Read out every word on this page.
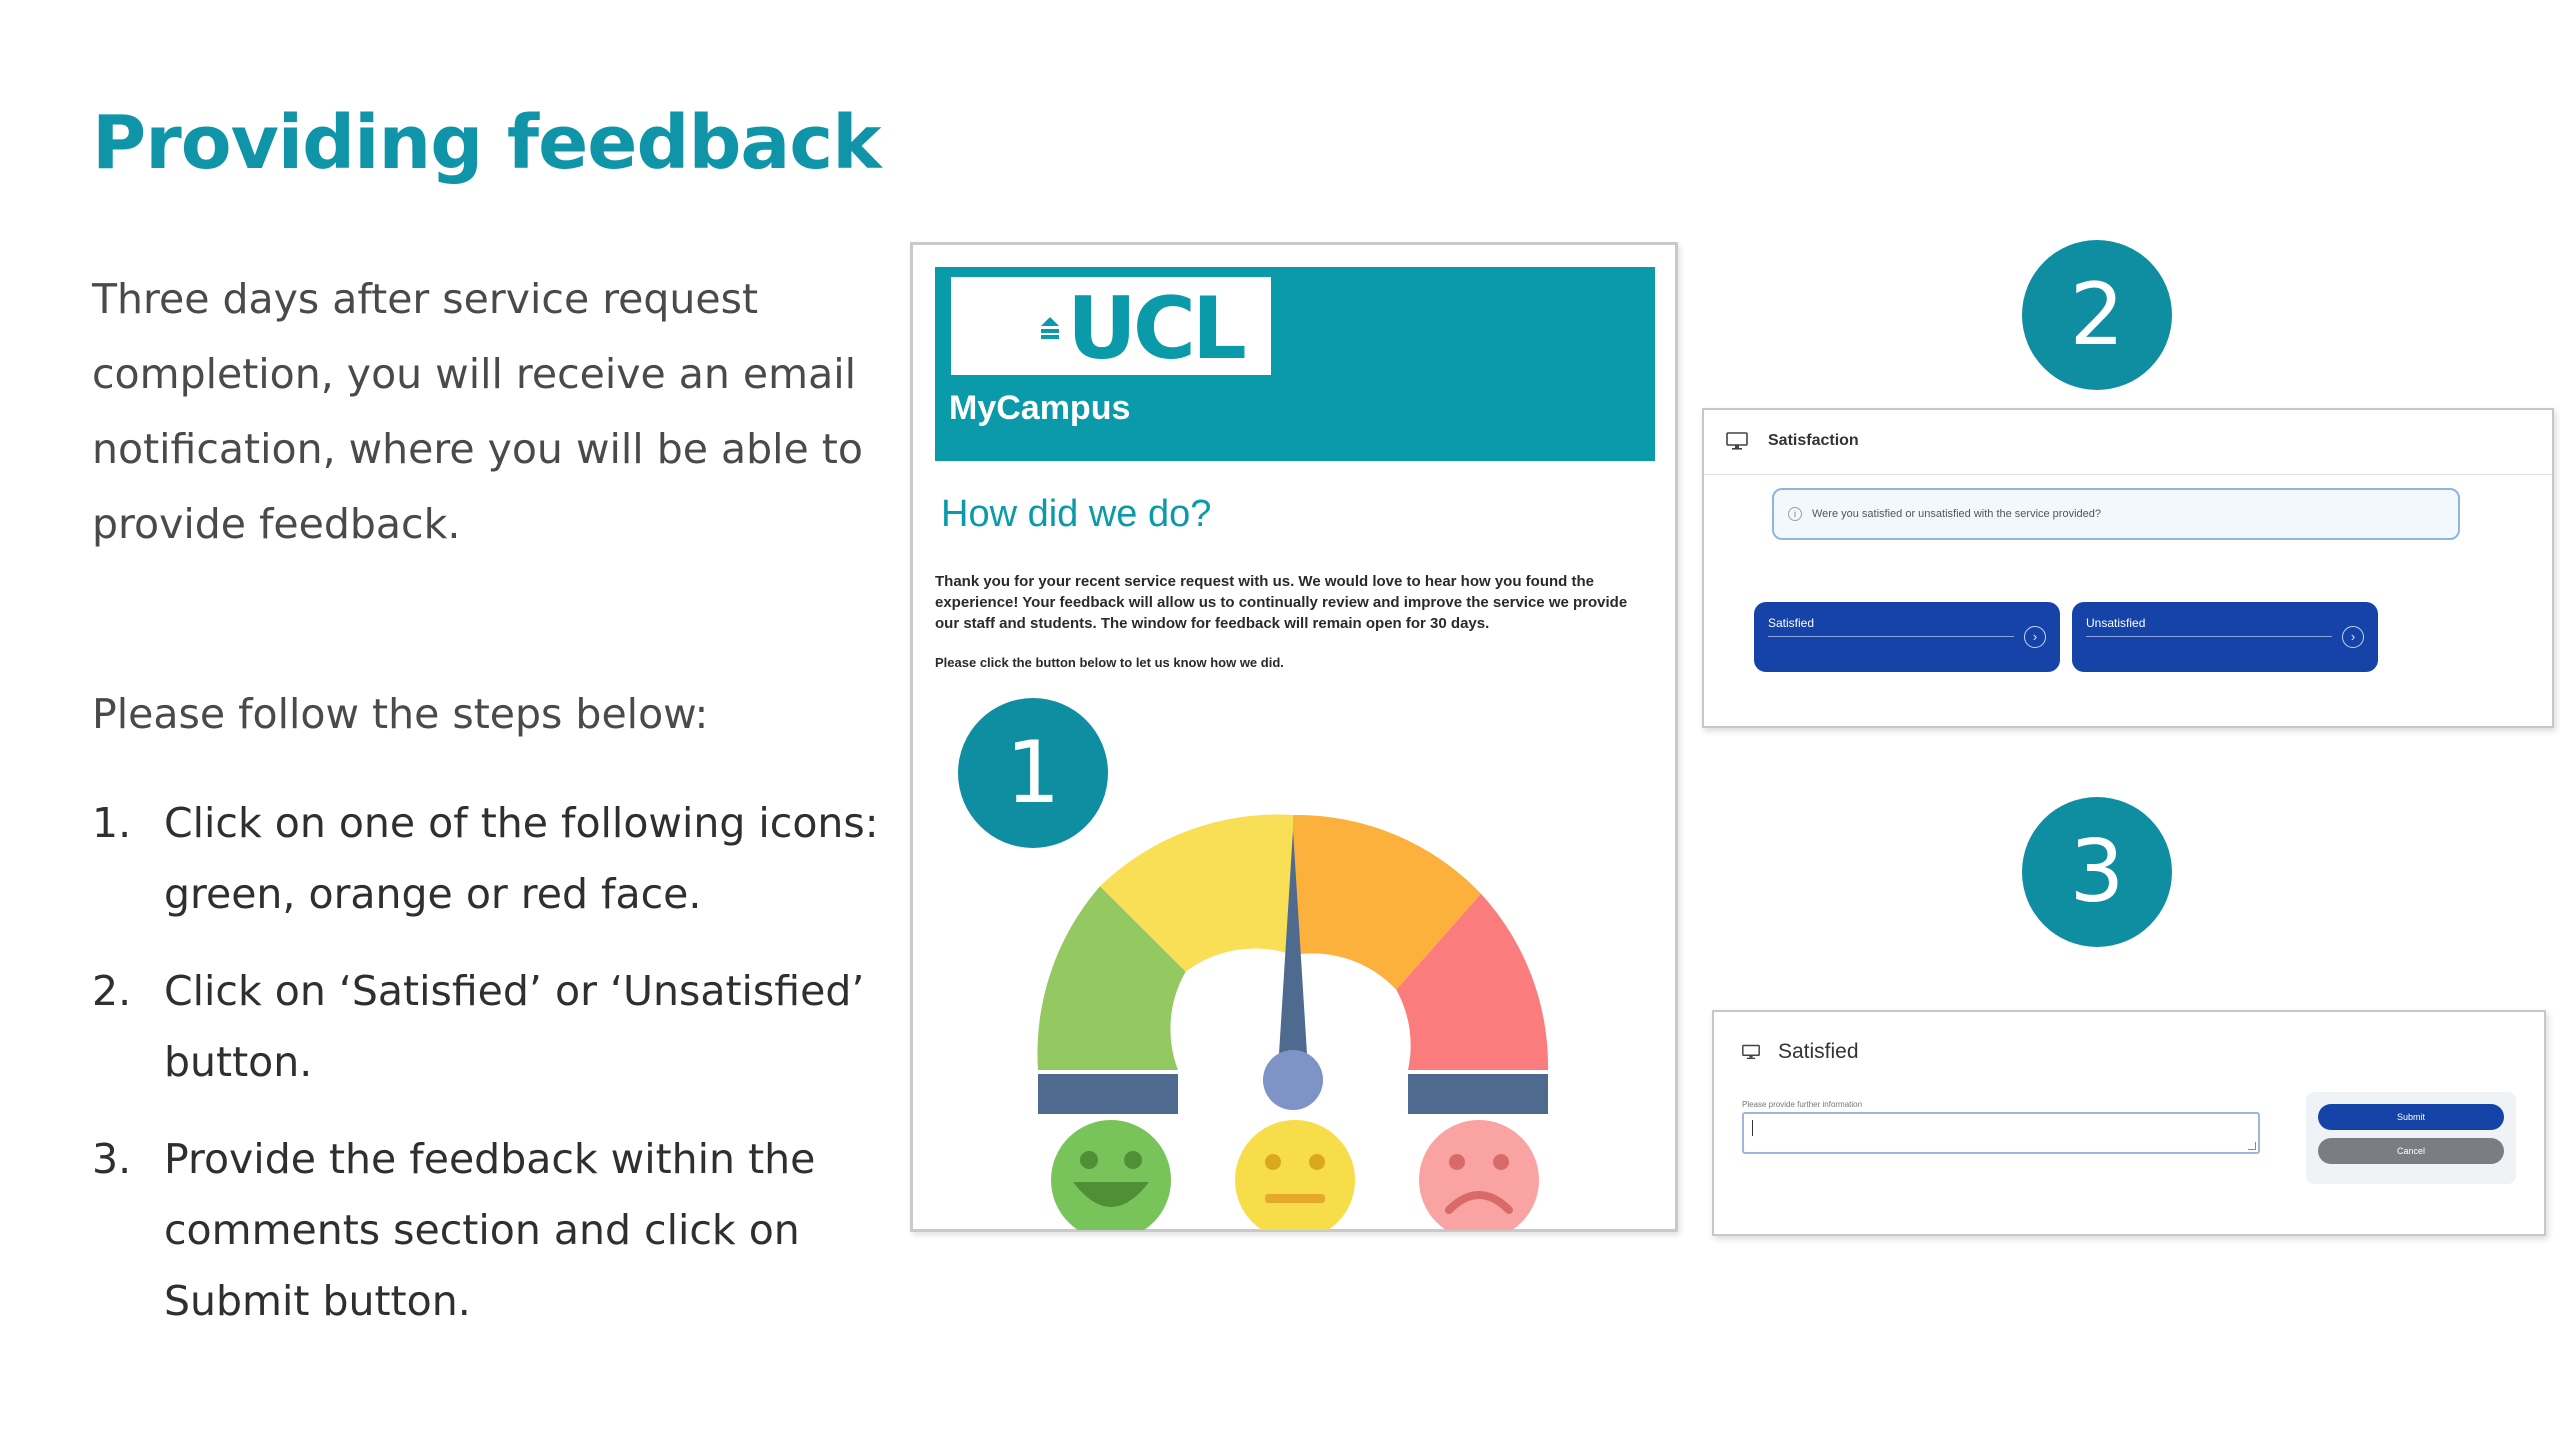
Providing feedback
Three days after service request completion, you will receive an email notification, where you will be able to provide feedback.
Please follow the steps below:
1. Click on one of the following icons: green, orange or red face.
2. Click on ‘Satisfied’ or ‘Unsatisfied’ button.
3. Provide the feedback within the comments section and click on Submit button.
UCL
MyCampus
How did we do?
Thank you for your recent service request with us. We would love to hear how you found the experience! Your feedback will allow us to continually review and improve the service we provide our staff and students. The window for feedback will remain open for 30 days.
Please click the button below to let us know how we did.
1
2
3
Satisfaction
i	Were you satisfied or unsatisfied with the service provided?
Satisfied
›
Unsatisfied
›
Satisfied
Please provide further information
Submit
Cancel
